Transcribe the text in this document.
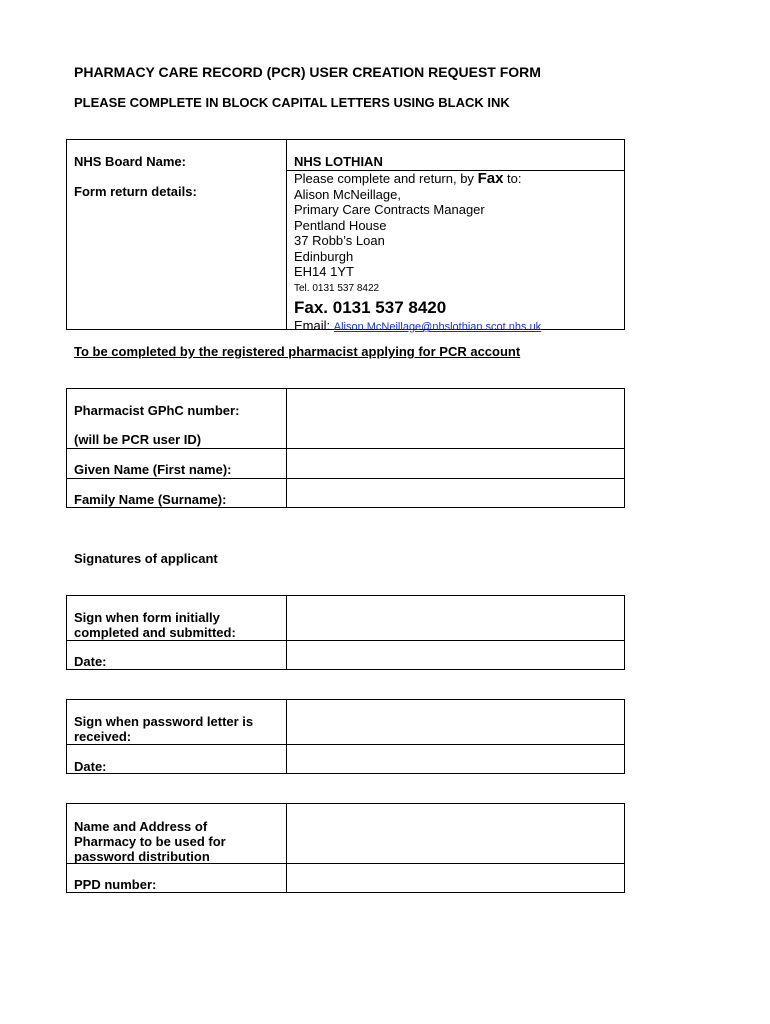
PHARMACY CARE RECORD (PCR) USER CREATION REQUEST FORM
PLEASE COMPLETE IN BLOCK CAPITAL LETTERS USING BLACK INK
NHS Board Name:	NHS LOTHIAN
Form return details:
Please complete and return, by Fax to:
Alison McNeillage,
Primary Care Contracts Manager
Pentland House
37 Robb’s Loan
Edinburgh
EH14 1YT
Tel. 0131 537 8422
Fax. 0131 537 8420
Email: Alison.McNeillage@nhslothian.scot.nhs.uk
To be completed by the registered pharmacist applying for PCR account
Pharmacist GPhC number:
(will be PCR user ID)
Given Name (First name):
Family Name (Surname):
Signatures of applicant
Sign when form initially completed and submitted:
Date:
Sign when password letter is received:
Date:
Name and Address of Pharmacy to be used for password distribution
PPD number:
